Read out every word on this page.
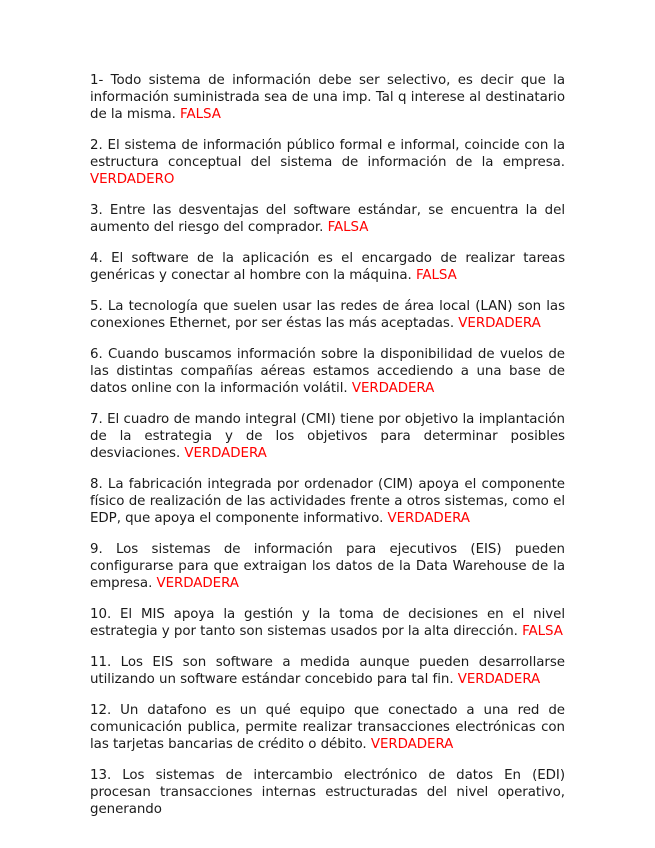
1- Todo sistema de información debe ser selectivo, es decir que la información suministrada sea de una imp. Tal q interese al destinatario de la misma. FALSA

2. El sistema de información público formal e informal, coincide con la estructura conceptual del sistema de información de la empresa. VERDADERO

3. Entre las desventajas del software estándar, se encuentra la del aumento del riesgo del comprador. FALSA

4. El software de la aplicación es el encargado de realizar tareas genéricas y conectar al hombre con la máquina. FALSA

5. La tecnología que suelen usar las redes de área local (LAN) son las conexiones Ethernet, por ser éstas las más aceptadas. VERDADERA

6. Cuando buscamos información sobre la disponibilidad de vuelos de las distintas compañías aéreas estamos accediendo a una base de datos online con la información volátil. VERDADERA

7. El cuadro de mando integral (CMI) tiene por objetivo la implantación de la estrategia y de los objetivos para determinar posibles desviaciones. VERDADERA

8. La fabricación integrada por ordenador (CIM) apoya el componente físico de realización de las actividades frente a otros sistemas, como el EDP, que apoya el componente informativo. VERDADERA

9. Los sistemas de información para ejecutivos (EIS) pueden configurarse para que extraigan los datos de la Data Warehouse de la empresa. VERDADERA

10. El MIS apoya la gestión y la toma de decisiones en el nivel estrategia y por tanto son sistemas usados por la alta dirección. FALSA

11. Los EIS son software a medida aunque pueden desarrollarse utilizando un software estándar concebido para tal fin. VERDADERA

12. Un datafono es un qué equipo que conectado a una red de comunicación publica, permite realizar transacciones electrónicas con las tarjetas bancarias de crédito o débito. VERDADERA

13. Los sistemas de intercambio electrónico de datos En (EDI) procesan transacciones internas estructuradas del nivel operativo, generando
